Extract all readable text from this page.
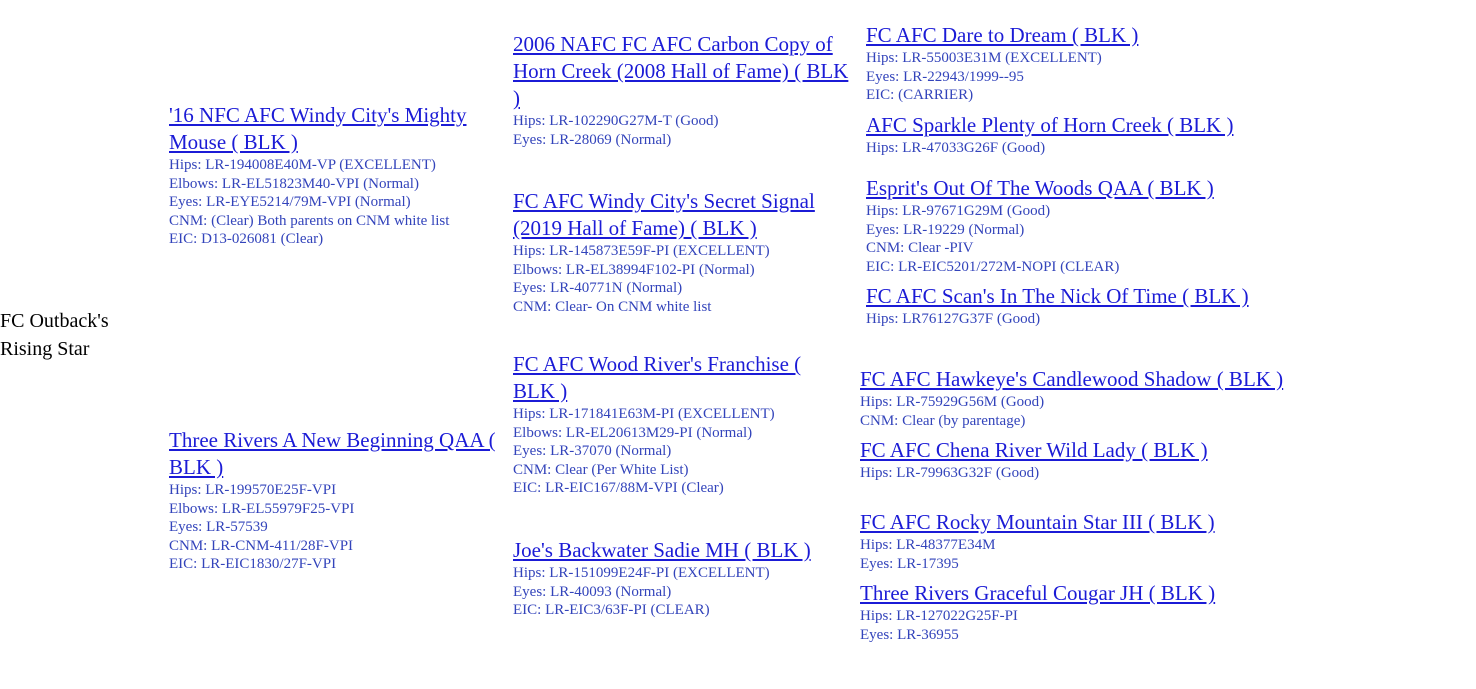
FC Outback's Rising Star
'16 NFC AFC Windy City's Mighty Mouse ( BLK )
Hips: LR-194008E40M-VP (EXCELLENT)
Elbows: LR-EL51823M40-VPI (Normal)
Eyes: LR-EYE5214/79M-VPI (Normal)
CNM: (Clear) Both parents on CNM white list
EIC: D13-026081 (Clear)
Three Rivers A New Beginning QAA ( BLK )
Hips: LR-199570E25F-VPI
Elbows: LR-EL55979F25-VPI
Eyes: LR-57539
CNM: LR-CNM-411/28F-VPI
EIC: LR-EIC1830/27F-VPI
2006 NAFC FC AFC Carbon Copy of Horn Creek (2008 Hall of Fame) ( BLK )
Hips: LR-102290G27M-T (Good)
Eyes: LR-28069 (Normal)
FC AFC Windy City's Secret Signal (2019 Hall of Fame) ( BLK )
Hips: LR-145873E59F-PI (EXCELLENT)
Elbows: LR-EL38994F102-PI (Normal)
Eyes: LR-40771N (Normal)
CNM: Clear- On CNM white list
FC AFC Wood River's Franchise ( BLK )
Hips: LR-171841E63M-PI (EXCELLENT)
Elbows: LR-EL20613M29-PI (Normal)
Eyes: LR-37070 (Normal)
CNM: Clear (Per White List)
EIC: LR-EIC167/88M-VPI (Clear)
Joe's Backwater Sadie MH ( BLK )
Hips: LR-151099E24F-PI (EXCELLENT)
Eyes: LR-40093 (Normal)
EIC: LR-EIC3/63F-PI (CLEAR)
FC AFC Dare to Dream ( BLK )
Hips: LR-55003E31M (EXCELLENT)
Eyes: LR-22943/1999--95
EIC: (CARRIER)
AFC Sparkle Plenty of Horn Creek ( BLK )
Hips: LR-47033G26F (Good)
Esprit's Out Of The Woods QAA ( BLK )
Hips: LR-97671G29M (Good)
Eyes: LR-19229 (Normal)
CNM: Clear -PIV
EIC: LR-EIC5201/272M-NOPI (CLEAR)
FC AFC Scan's In The Nick Of Time ( BLK )
Hips: LR76127G37F (Good)
FC AFC Hawkeye's Candlewood Shadow ( BLK )
Hips: LR-75929G56M (Good)
CNM: Clear (by parentage)
FC AFC Chena River Wild Lady ( BLK )
Hips: LR-79963G32F (Good)
FC AFC Rocky Mountain Star III ( BLK )
Hips: LR-48377E34M
Eyes: LR-17395
Three Rivers Graceful Cougar JH ( BLK )
Hips: LR-127022G25F-PI
Eyes: LR-36955
